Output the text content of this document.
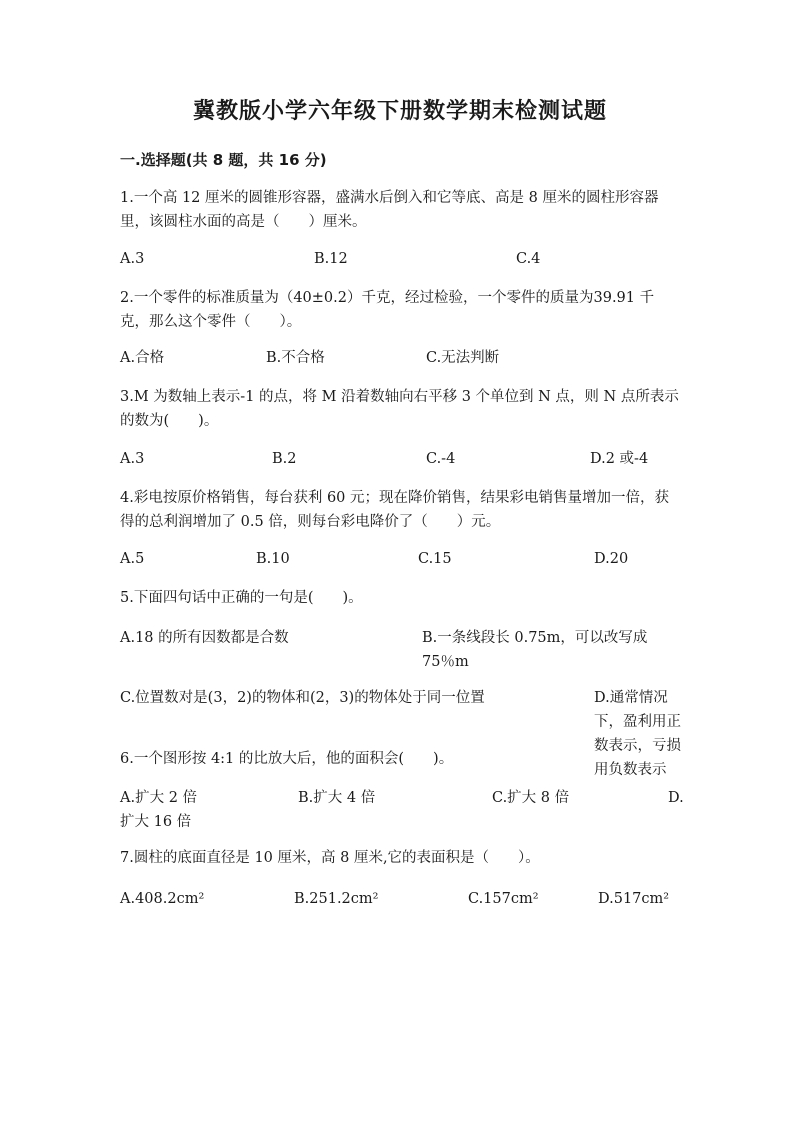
冀教版小学六年级下册数学期末检测试题
一.选择题(共 8 题，共 16 分)
1.一个高 12 厘米的圆锥形容器，盛满水后倒入和它等底、高是 8 厘米的圆柱形容器里，该圆柱水面的高是（　　）厘米。
A.3	B.12	C.4
2.一个零件的标准质量为（40±0.2）千克，经过检验，一个零件的质量为39.91 千克，那么这个零件（　　）。
A.合格	B.不合格	C.无法判断
3.M 为数轴上表示-1 的点，将 M 沿着数轴向右平移 3 个单位到 N 点，则 N 点所表示的数为(　　)。
A.3	B.2	C.-4	D.2 或-4
4.彩电按原价格销售，每台获利 60 元；现在降价销售，结果彩电销售量增加一倍，获得的总利润增加了 0.5 倍，则每台彩电降价了（　　）元。
A.5	B.10	C.15	D.20
5.下面四句话中正确的一句是(　　)。
A.18 的所有因数都是合数	B.一条线段长 0.75m，可以改写成75％m
C.位置数对是(3，2)的物体和(2，3)的物体处于同一位置	D.通常情况下，盈利用正数表示，亏损用负数表示
6.一个图形按 4:1 的比放大后，他的面积会(　　)。
A.扩大 2 倍	B.扩大 4 倍	C.扩大 8 倍	D.扩大 16 倍
7.圆柱的底面直径是 10 厘米，高 8 厘米,它的表面积是（　　）。
A.408.2cm²	B.251.2cm²	C.157cm²	D.517cm²
